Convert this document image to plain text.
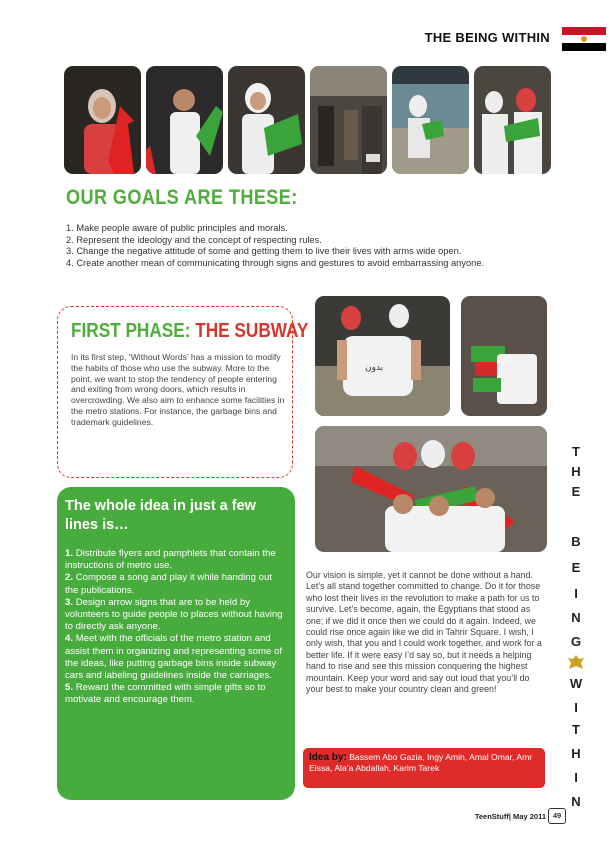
THE BEING WITHIN
OUR GOALS ARE THESE:
1. Make people aware of public principles and morals.
2. Represent the ideology and the concept of respecting rules.
3. Change the negative attitude of some and getting them to live their lives with arms wide open.
4. Create another mean of communicating through signs and gestures to avoid embarrassing anyone.
FIRST PHASE: THE SUBWAY
In its first step, ‘Without Words’ has a mission to modify the habits of those who use the subway. More to the point, we want to stop the tendency of people entering and exiting from wrong doors, which results in overcrowding. We also aim to enhance some facilities in the metro stations. For instance, the garbage bins and trademark guidelines.
بدون
The whole idea in just a few lines is…

1. Distribute flyers and pamphlets that contain the instructions of metro use.

2. Compose a song and play it while handing out the publications.

3. Design arrow signs that are to be held by volunteers to guide people to places without having to directly ask anyone.

4. Meet with the officials of the metro station and assist them in organizing and representing some of the ideas, like putting garbage bins inside subway cars and labeling guidelines inside the carriages.

5. Reward the committed with simple gifts so to motivate and encourage them.

Our vision is simple, yet it cannot be done without a hand. Let’s all stand together committed to change. Do it for those who lost their lives in the revolution to make a path for us to survive. Let’s become, again, the Egyptians that stood as one; if we did it once then we could do it again. Indeed, we could rise once again like we did in Tahrir Square. I wish, I only wish, that you and I could work together, and work for a better life. If it were easy I’d say so, but it needs a helping hand to rise and see this mission conquering the highest mountain. Keep your word and say out loud that you’ll do your best to make your country clean and green!
Idea by: Bassem Abo Gazia, Ingy Amin, Amal Omar, Amr Eissa, Ala’a Abdallah, Karim Tarek
T
H
E
B
E
I
N
G
W
I
T
H
I
N
TeenStuff| May 2011 49
